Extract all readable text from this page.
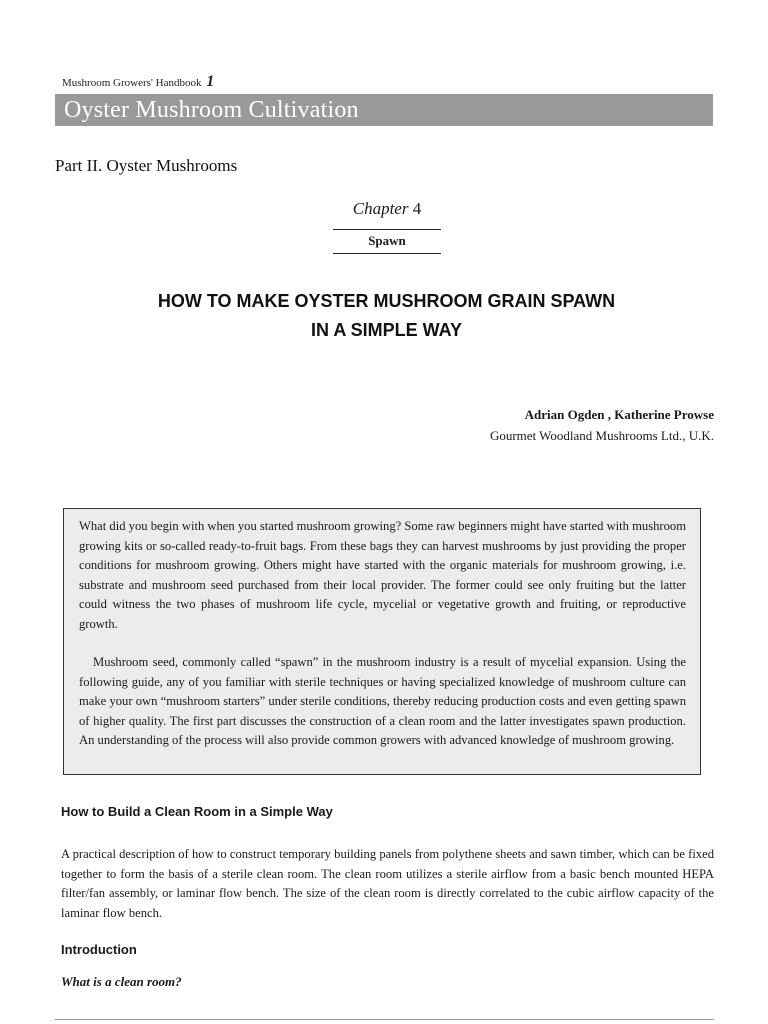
Mushroom Growers' Handbook 1
Oyster Mushroom Cultivation
Part II. Oyster Mushrooms
Chapter 4
Spawn
HOW TO MAKE OYSTER MUSHROOM GRAIN SPAWN
IN A SIMPLE WAY
Adrian Ogden , Katherine Prowse
Gourmet Woodland Mushrooms Ltd., U.K.

What did you begin with when you started mushroom growing? Some raw beginners might have started with mushroom growing kits or so-called ready-to-fruit bags. From these bags they can harvest mushrooms by just providing the proper conditions for mushroom growing. Others might have started with the organic materials for mushroom growing, i.e. substrate and mushroom seed purchased from their local provider. The former could see only fruiting but the latter could witness the two phases of mushroom life cycle, mycelial or vegetative growth and fruiting, or reproductive growth.

Mushroom seed, commonly called “spawn” in the mushroom industry is a result of mycelial expansion. Using the following guide, any of you familiar with sterile techniques or having specialized knowledge of mushroom culture can make your own “mushroom starters” under sterile conditions, thereby reducing production costs and even getting spawn of higher quality. The first part discusses the construction of a clean room and the latter investigates spawn production. An understanding of the process will also provide common growers with advanced knowledge of mushroom growing.

How to Build a Clean Room in a Simple Way

A practical description of how to construct temporary building panels from polythene sheets and sawn timber, which can be fixed together to form the basis of a sterile clean room. The clean room utilizes a sterile airflow from a basic bench mounted HEPA filter/fan assembly, or laminar flow bench. The size of the clean room is directly correlated to the cubic airflow capacity of the laminar flow bench.

Introduction
What is a clean room?
